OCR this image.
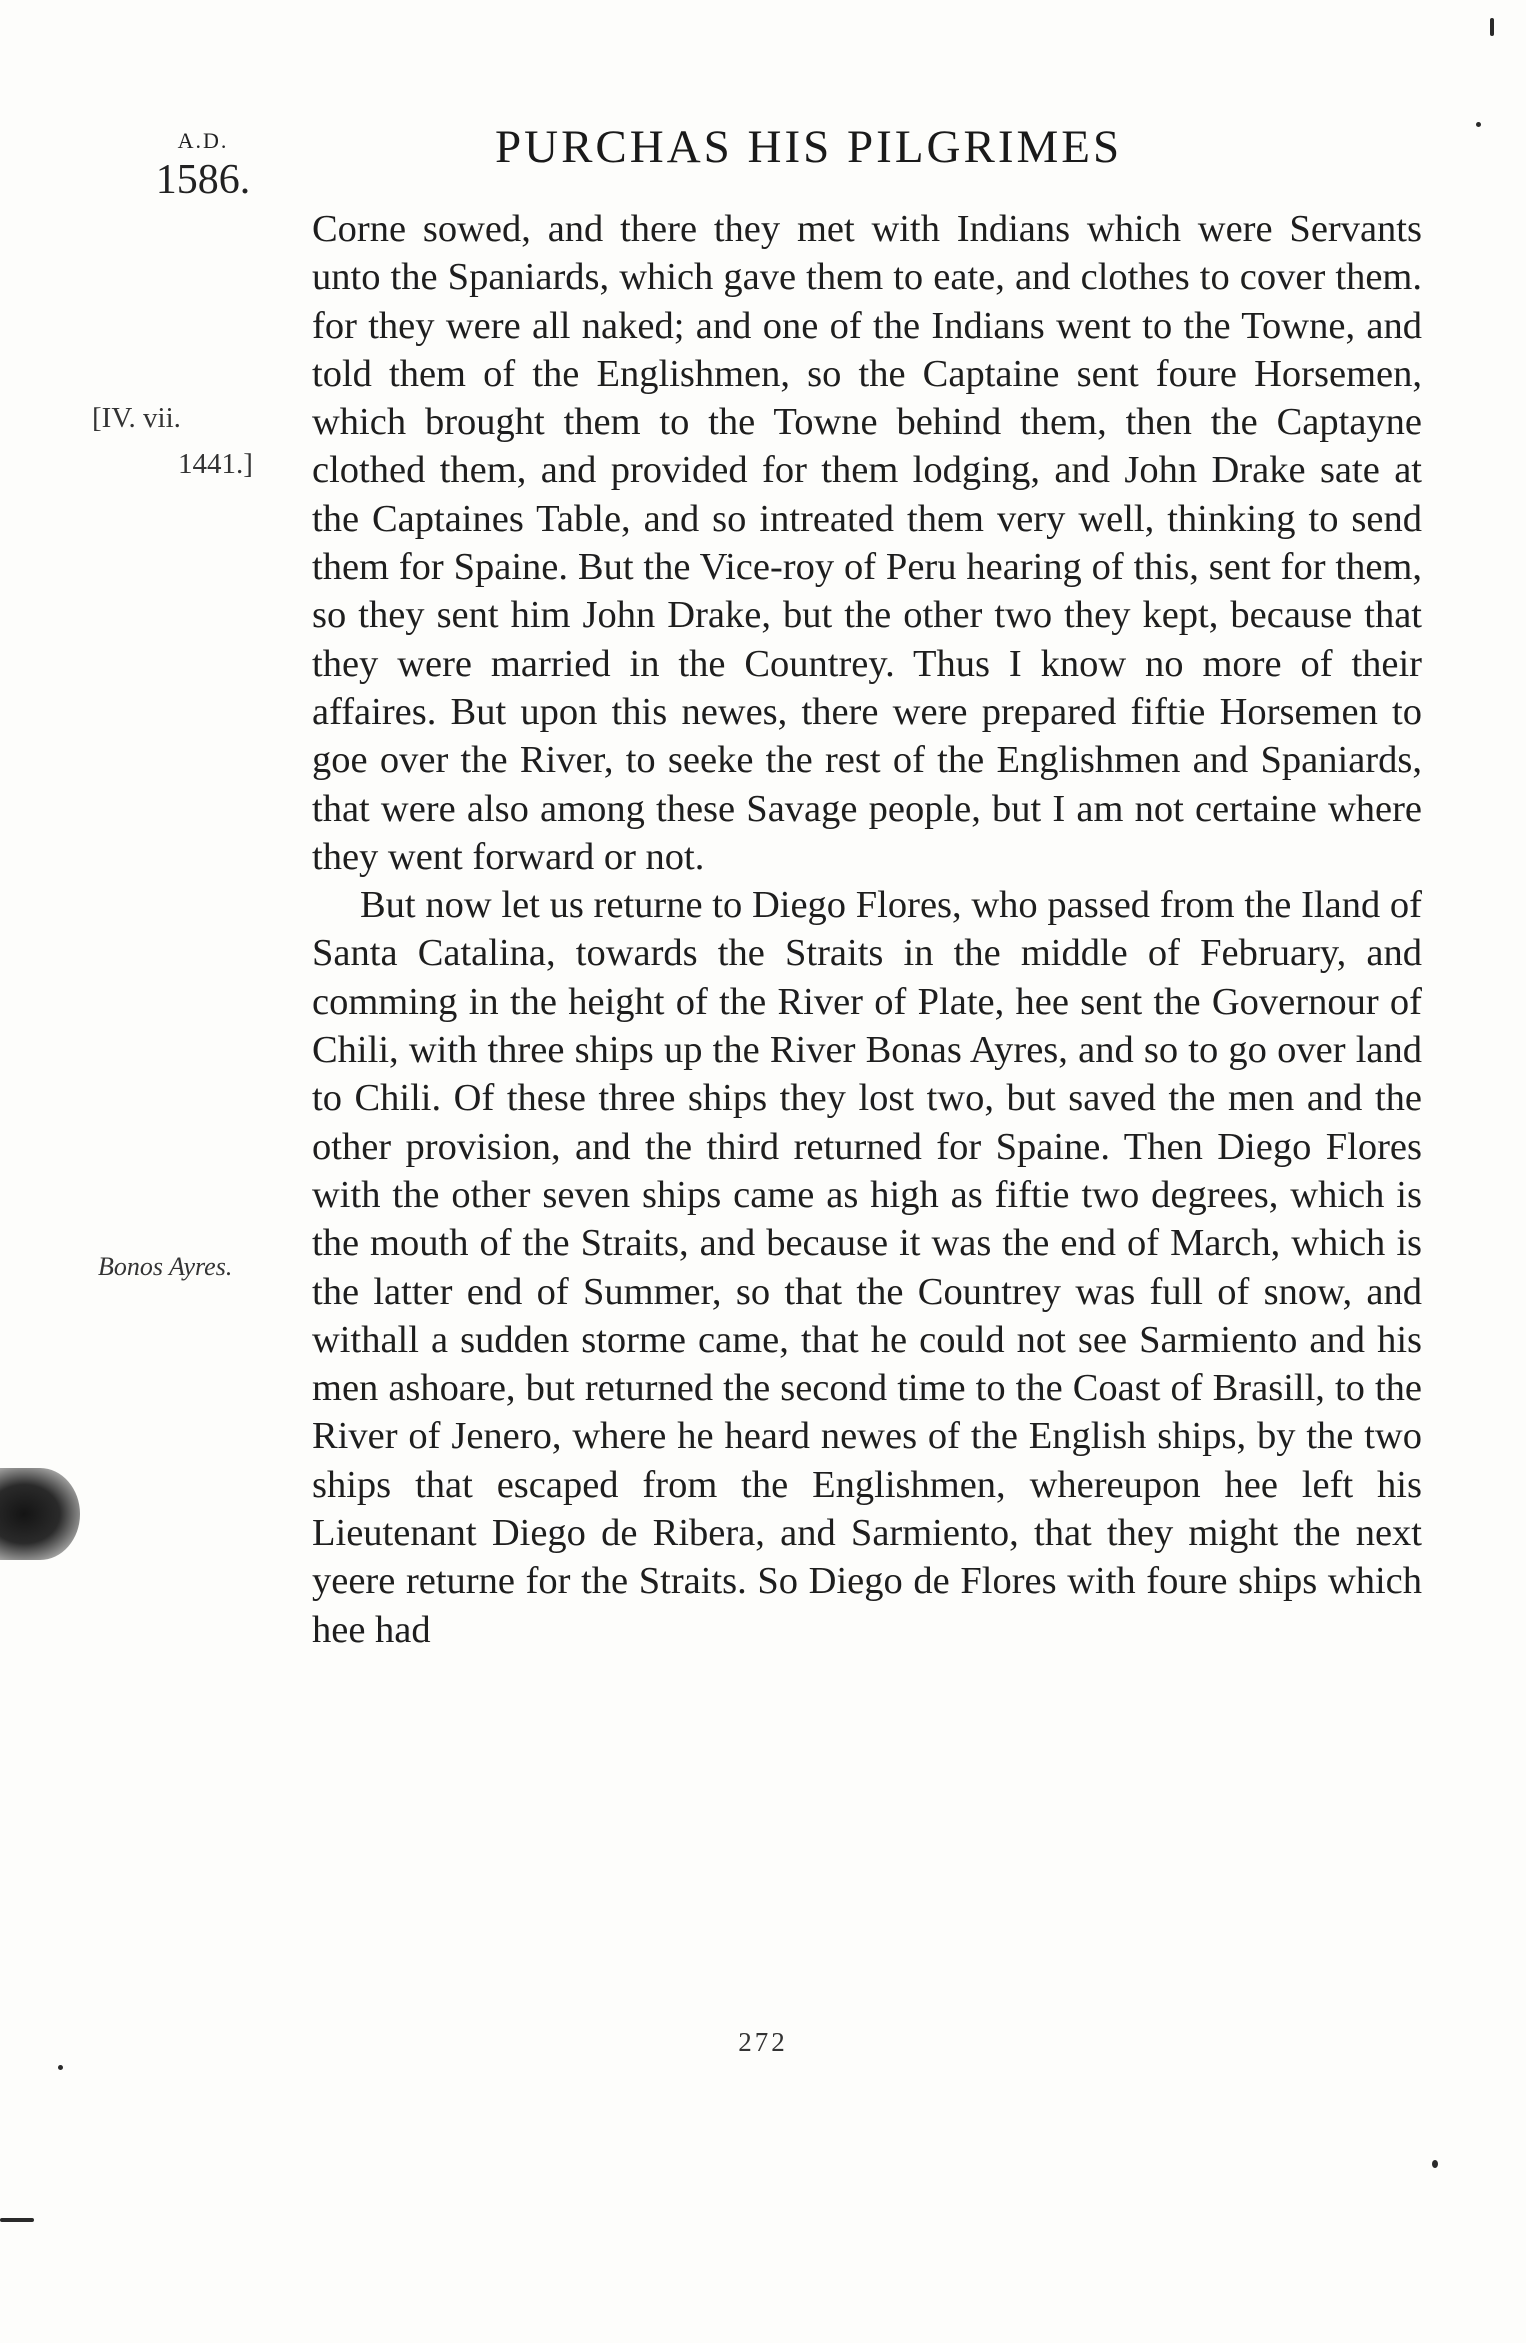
A.D.
1586.
PURCHAS HIS PILGRIMES
[IV. vii.
1441.]
Bonos Ayres.

Corne sowed, and there they met with Indians which were Servants unto the Spaniards, which gave them to eate, and clothes to cover them. for they were all naked; and one of the Indians went to the Towne, and told them of the Englishmen, so the Captaine sent foure Horsemen, which brought them to the Towne behind them, then the Captayne clothed them, and provided for them lodging, and John Drake sate at the Captaines Table, and so intreated them very well, thinking to send them for Spaine. But the Vice-roy of Peru hearing of this, sent for them, so they sent him John Drake, but the other two they kept, because that they were married in the Countrey. Thus I know no more of their affaires. But upon this newes, there were prepared fiftie Horsemen to goe over the River, to seeke the rest of the Englishmen and Spaniards, that were also among these Savage people, but I am not certaine where they went forward or not.

But now let us returne to Diego Flores, who passed from the Iland of Santa Catalina, towards the Straits in the middle of February, and comming in the height of the River of Plate, hee sent the Governour of Chili, with three ships up the River Bonas Ayres, and so to go over land to Chili. Of these three ships they lost two, but saved the men and the other provision, and the third returned for Spaine. Then Diego Flores with the other seven ships came as high as fiftie two degrees, which is the mouth of the Straits, and because it was the end of March, which is the latter end of Summer, so that the Countrey was full of snow, and withall a sudden storme came, that he could not see Sarmiento and his men ashoare, but returned the second time to the Coast of Brasill, to the River of Jenero, where he heard newes of the English ships, by the two ships that escaped from the Englishmen, whereupon hee left his Lieutenant Diego de Ribera, and Sarmiento, that they might the next yeere returne for the Straits. So Diego de Flores with foure ships which hee had

272
